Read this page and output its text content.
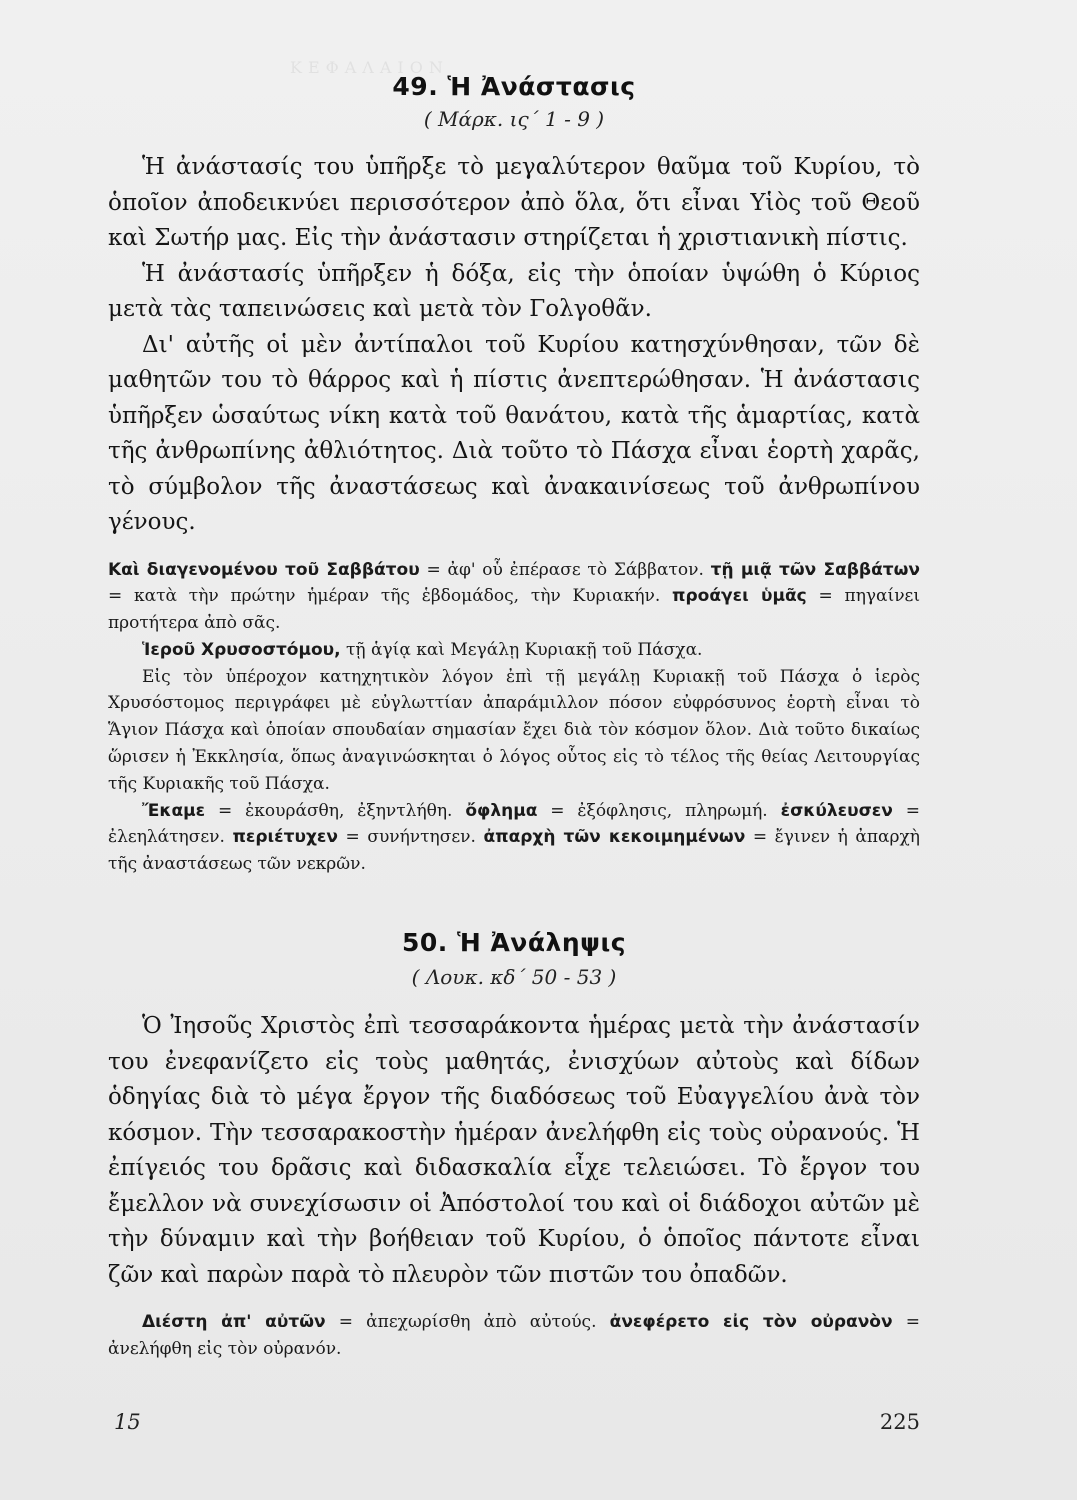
ΚΕΦΑΛΑΙΟΝ
49. Ἡ Ἀνάστασις

( Μάρκ. ις΄ 1 - 9 )

Ἡ ἀνάστασίς του ὑπῆρξε τὸ μεγαλύτερον θαῦμα τοῦ Κυρίου, τὸ ὁποῖον ἀποδεικνύει περισσότερον ἀπὸ ὅλα, ὅτι εἶναι Υἱὸς τοῦ Θεοῦ καὶ Σωτήρ μας. Εἰς τὴν ἀνάστασιν στηρίζεται ἡ χριστιανικὴ πίστις.

Ἡ ἀνάστασίς ὑπῆρξεν ἡ δόξα, εἰς τὴν ὁποίαν ὑψώθη ὁ Κύριος μετὰ τὰς ταπεινώσεις καὶ μετὰ τὸν Γολγοθᾶν.

Δι' αὐτῆς οἱ μὲν ἀντίπαλοι τοῦ Κυρίου κατησχύνθησαν, τῶν δὲ μαθητῶν του τὸ θάρρος καὶ ἡ πίστις ἀνεπτερώθησαν. Ἡ ἀνάστασις ὑπῆρξεν ὡσαύτως νίκη κατὰ τοῦ θανάτου, κατὰ τῆς ἁμαρτίας, κατὰ τῆς ἀνθρωπίνης ἀθλιότητος. Διὰ τοῦτο τὸ Πάσχα εἶναι ἑορτὴ χαρᾶς, τὸ σύμβολον τῆς ἀναστάσεως καὶ ἀνακαινίσεως τοῦ ἀνθρωπίνου γένους.

Καὶ διαγενομένου τοῦ Σαββάτου = ἀφ' οὗ ἐπέρασε τὸ Σάββατον. τῇ μιᾷ τῶν Σαββάτων = κατὰ τὴν πρώτην ἡμέραν τῆς ἑβδομάδος, τὴν Κυριακήν. προάγει ὑμᾶς = πηγαίνει προτήτερα ἀπὸ σᾶς.

Ἱεροῦ Χρυσοστόμου, τῇ ἁγίᾳ καὶ Μεγάλῃ Κυριακῇ τοῦ Πάσχα.

Εἰς τὸν ὑπέροχον κατηχητικὸν λόγον ἐπὶ τῇ μεγάλῃ Κυριακῇ τοῦ Πάσχα ὁ ἱερὸς Χρυσόστομος περιγράφει μὲ εὐγλωττίαν ἀπαράμιλλον πόσον εὐφρόσυνος ἑορτὴ εἶναι τὸ Ἅγιον Πάσχα καὶ ὁποίαν σπουδαίαν σημασίαν ἔχει διὰ τὸν κόσμον ὅλον. Διὰ τοῦτο δικαίως ὥρισεν ἡ Ἐκκλησία, ὅπως ἀναγινώσκηται ὁ λόγος οὗτος εἰς τὸ τέλος τῆς θείας Λειτουργίας τῆς Κυριακῆς τοῦ Πάσχα.

Ἔκαμε = ἐκουράσθη, ἐξηντλήθη. ὄφλημα = ἐξόφλησις, πληρωμή. ἐσκύλευσεν = ἐλεηλάτησεν. περιέτυχεν = συνήντησεν. ἀπαρχὴ τῶν κεκοιμημένων = ἔγινεν ἡ ἀπαρχὴ τῆς ἀναστάσεως τῶν νεκρῶν.

50. Ἡ Ἀνάληψις

( Λουκ. κδ΄ 50 - 53 )

Ὁ Ἰησοῦς Χριστὸς ἐπὶ τεσσαράκοντα ἡμέρας μετὰ τὴν ἀνάστασίν του ἐνεφανίζετο εἰς τοὺς μαθητάς, ἐνισχύων αὐτοὺς καὶ δίδων ὁδηγίας διὰ τὸ μέγα ἔργον τῆς διαδόσεως τοῦ Εὐαγγελίου ἀνὰ τὸν κόσμον. Τὴν τεσσαρακοστὴν ἡμέραν ἀνελήφθη εἰς τοὺς οὐρανούς. Ἡ ἐπίγειός του δρᾶσις καὶ διδασκαλία εἶχε τελειώσει. Τὸ ἔργον του ἔμελλον νὰ συνεχίσωσιν οἱ Ἀπόστολοί του καὶ οἱ διάδοχοι αὐτῶν μὲ τὴν δύναμιν καὶ τὴν βοήθειαν τοῦ Κυρίου, ὁ ὁποῖος πάντοτε εἶναι ζῶν καὶ παρὼν παρὰ τὸ πλευρὸν τῶν πιστῶν του ὀπαδῶν.

Διέστη ἀπ' αὐτῶν = ἀπεχωρίσθη ἀπὸ αὐτούς. ἀνεφέρετο εἰς τὸν οὐρανὸν = ἀνελήφθη εἰς τὸν οὐρανόν.

15	225
